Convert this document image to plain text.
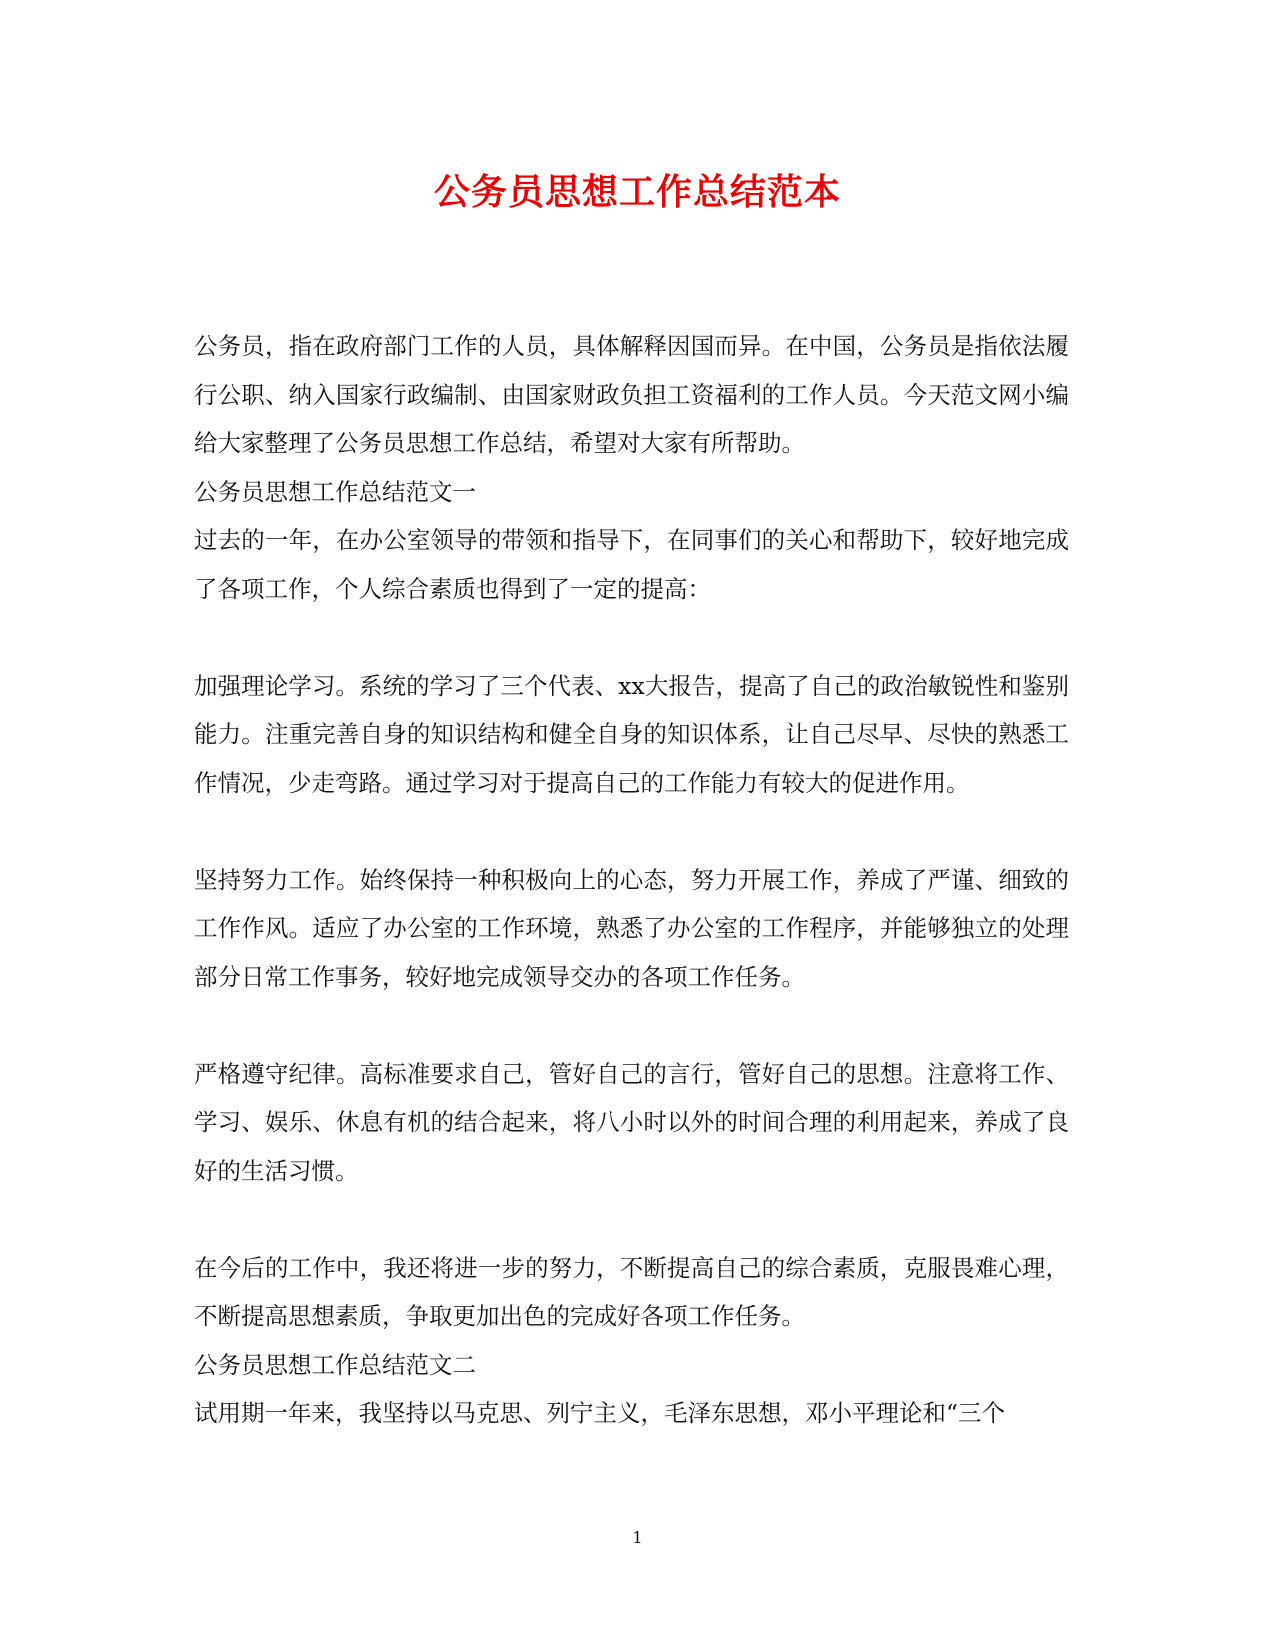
公务员思想工作总结范本

公务员，指在政府部门工作的人员，具体解释因国而异。在中国，公务员是指依法履行公职、纳入国家行政编制、由国家财政负担工资福利的工作人员。今天范文网小编给大家整理了公务员思想工作总结，希望对大家有所帮助。

公务员思想工作总结范文一

过去的一年，在办公室领导的带领和指导下，在同事们的关心和帮助下，较好地完成了各项工作，个人综合素质也得到了一定的提高：

加强理论学习。系统的学习了三个代表、xx大报告，提高了自己的政治敏锐性和鉴别能力。注重完善自身的知识结构和健全自身的知识体系，让自己尽早、尽快的熟悉工作情况，少走弯路。通过学习对于提高自己的工作能力有较大的促进作用。

坚持努力工作。始终保持一种积极向上的心态，努力开展工作，养成了严谨、细致的工作作风。适应了办公室的工作环境，熟悉了办公室的工作程序，并能够独立的处理部分日常工作事务，较好地完成领导交办的各项工作任务。

严格遵守纪律。高标准要求自己，管好自己的言行，管好自己的思想。注意将工作、学习、娱乐、休息有机的结合起来，将八小时以外的时间合理的利用起来，养成了良好的生活习惯。

在今后的工作中，我还将进一步的努力，不断提高自己的综合素质，克服畏难心理，不断提高思想素质，争取更加出色的完成好各项工作任务。

公务员思想工作总结范文二

试用期一年来，我坚持以马克思、列宁主义，毛泽东思想，邓小平理论和“三个

1
